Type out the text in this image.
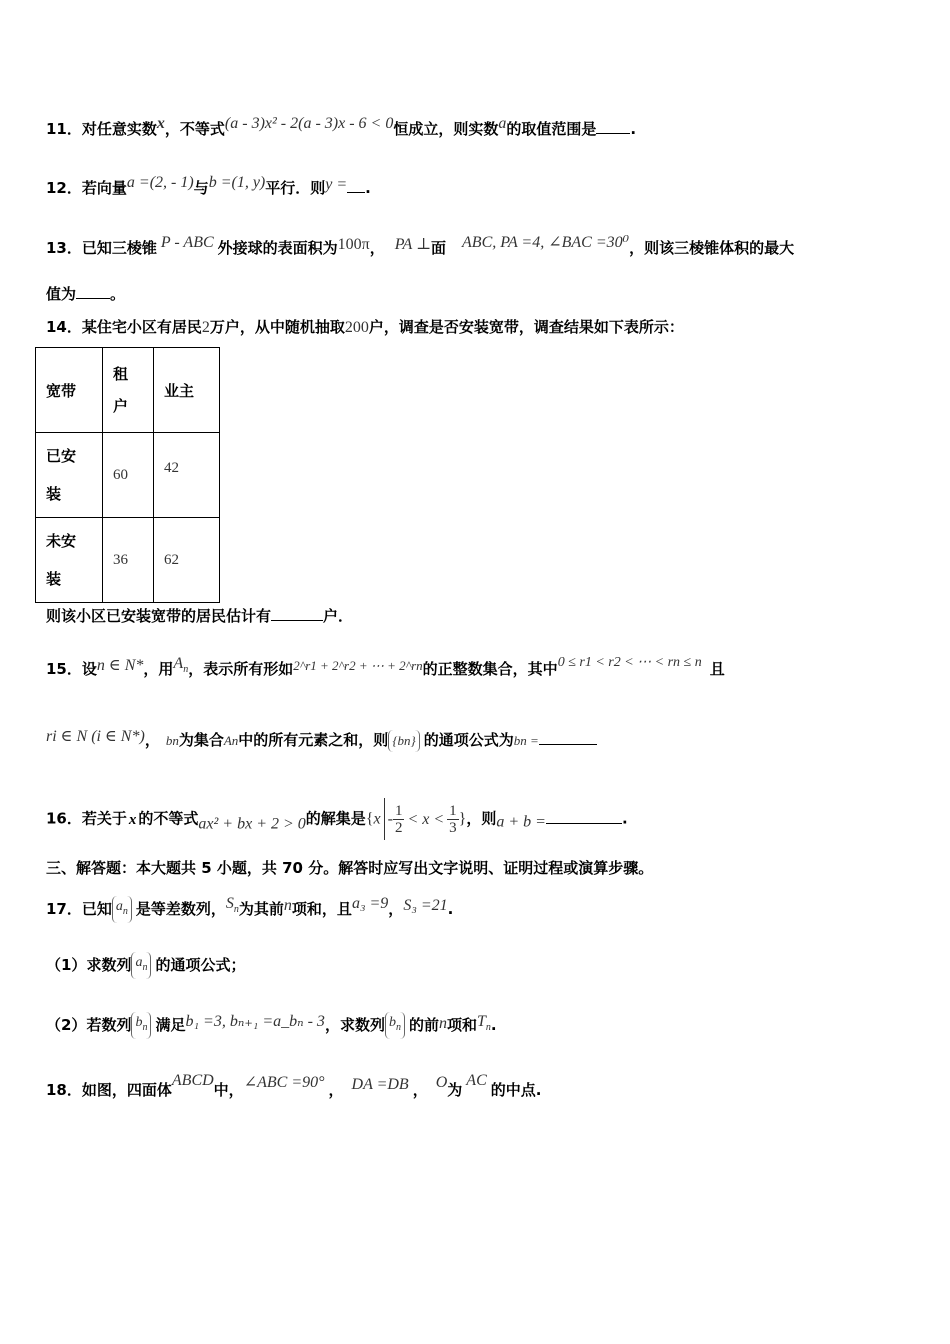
11．对任意实数x，不等式(a - 3)x² - 2(a - 3)x - 6 < 0恒成立，则实数a的取值范围是 .
12．若向量a =(2, - 1)与b =(1, y)平行．则y = .
13．已知三棱锥 P - ABC 外接球的表面积为100π， PA ⊥面 ABC, PA =4, ∠BAC =30⁰，则该三棱锥体积的最大
值为 。
14．某住宅小区有居民2万户，从中随机抽取200户，调查是否安装宽带，调查结果如下表所示：
宽带	租户	业主

已安装	60	42

未安装	36	62
则该小区已安装宽带的居民估计有	户．
15．设n ∈ N*，用$A_n$，表示所有形如2^r1 + 2^r2 + ⋯ + 2^rn的正整数集合，其中0 ≤ r1 < r2 < ⋯ < rn ≤ n 且
ri ∈ N (i ∈ N*)， bn为集合An中的所有元素之和，则 {bn} 的通项公式为bn =
16．若关于 x 的不等式ax² + bx + 2 > 0的解集是{$x - \frac{1}{2} < x < \frac{1}{3}$ }，则a + b =	.
三、解答题：本大题共 5 小题，共 70 分。解答时应写出文字说明、证明过程或演算步骤。
17．已知 $a_n$ 是等差数列，$S_n$为其前n项和，且a₃ =9，S₃ =21.
（1）求数列 $a_n$ 的通项公式；
（2）若数列 $b_n$ 满足b₁ =3, bₙ₊₁ =a_bₙ - 3，求数列 $b_n$ 的前n项和$T_n$.
18．如图，四面体ABCD中，∠ABC =90° ， DA =DB ， O为AC的中点.
